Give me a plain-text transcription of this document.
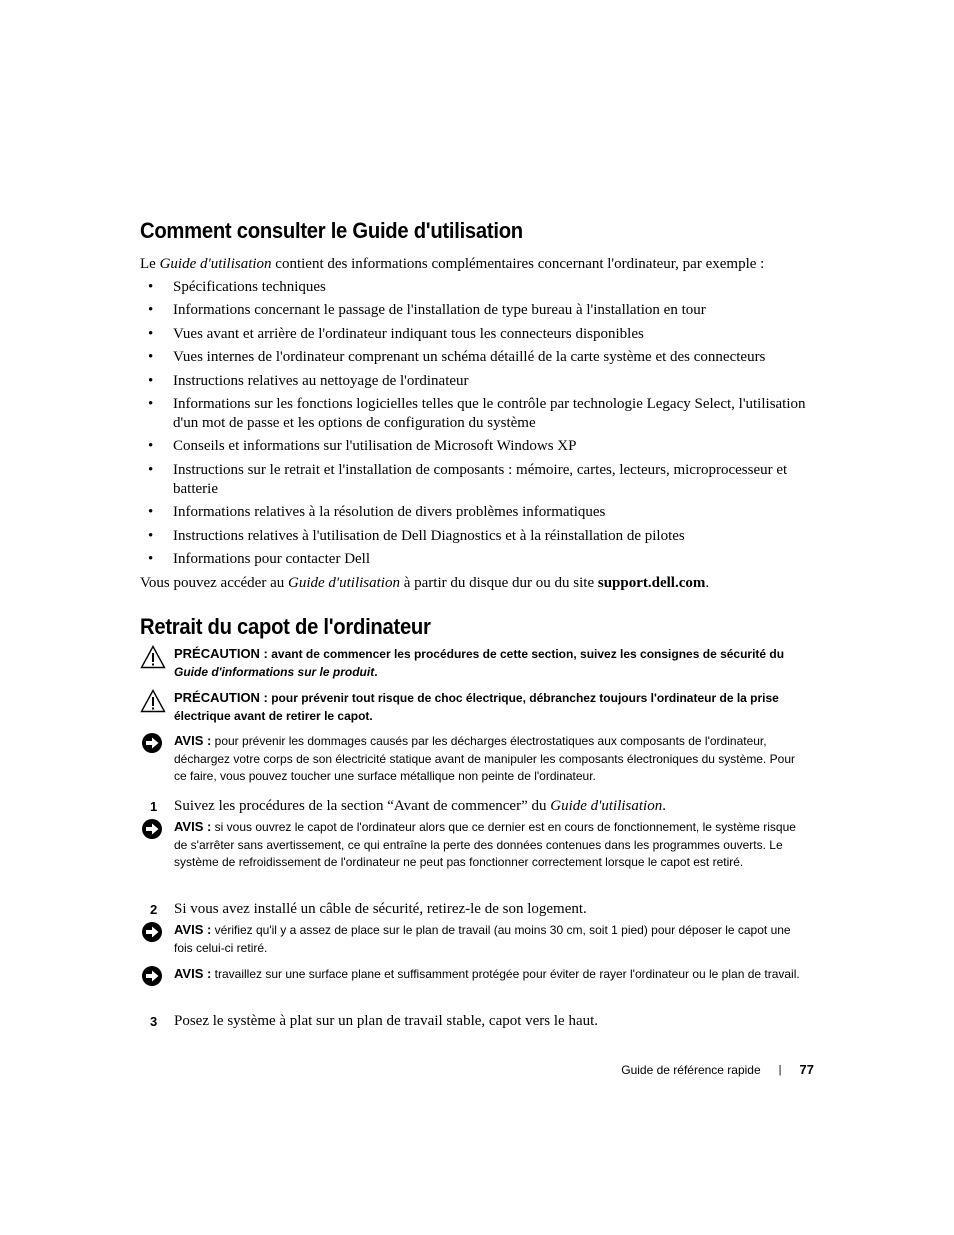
Comment consulter le Guide d'utilisation

Le Guide d'utilisation contient des informations complémentaires concernant l'ordinateur, par exemple :

• Spécifications techniques
• Informations concernant le passage de l'installation de type bureau à l'installation en tour
• Vues avant et arrière de l'ordinateur indiquant tous les connecteurs disponibles
• Vues internes de l'ordinateur comprenant un schéma détaillé de la carte système et des connecteurs
• Instructions relatives au nettoyage de l'ordinateur
• Informations sur les fonctions logicielles telles que le contrôle par technologie Legacy Select, l'utilisation d'un mot de passe et les options de configuration du système
• Conseils et informations sur l'utilisation de Microsoft Windows XP
• Instructions sur le retrait et l'installation de composants : mémoire, cartes, lecteurs, microprocesseur et batterie
• Informations relatives à la résolution de divers problèmes informatiques
• Instructions relatives à l'utilisation de Dell Diagnostics et à la réinstallation de pilotes
• Informations pour contacter Dell

Vous pouvez accéder au Guide d'utilisation à partir du disque dur ou du site support.dell.com.

Retrait du capot de l'ordinateur
PRÉCAUTION : avant de commencer les procédures de cette section, suivez les consignes de sécurité du Guide d'informations sur le produit.
PRÉCAUTION : pour prévenir tout risque de choc électrique, débranchez toujours l'ordinateur de la prise électrique avant de retirer le capot.
AVIS : pour prévenir les dommages causés par les décharges électrostatiques aux composants de l'ordinateur, déchargez votre corps de son électricité statique avant de manipuler les composants électroniques du système. Pour ce faire, vous pouvez toucher une surface métallique non peinte de l'ordinateur.
1 Suivez les procédures de la section “Avant de commencer” du Guide d'utilisation.
AVIS : si vous ouvrez le capot de l'ordinateur alors que ce dernier est en cours de fonctionnement, le système risque de s'arrêter sans avertissement, ce qui entraîne la perte des données contenues dans les programmes ouverts. Le système de refroidissement de l'ordinateur ne peut pas fonctionner correctement lorsque le capot est retiré.
2 Si vous avez installé un câble de sécurité, retirez-le de son logement.
AVIS : vérifiez qu'il y a assez de place sur le plan de travail (au moins 30 cm, soit 1 pied) pour déposer le capot une fois celui-ci retiré.
AVIS : travaillez sur une surface plane et suffisamment protégée pour éviter de rayer l'ordinateur ou le plan de travail.
3 Posez le système à plat sur un plan de travail stable, capot vers le haut.
Guide de référence rapide | 77
